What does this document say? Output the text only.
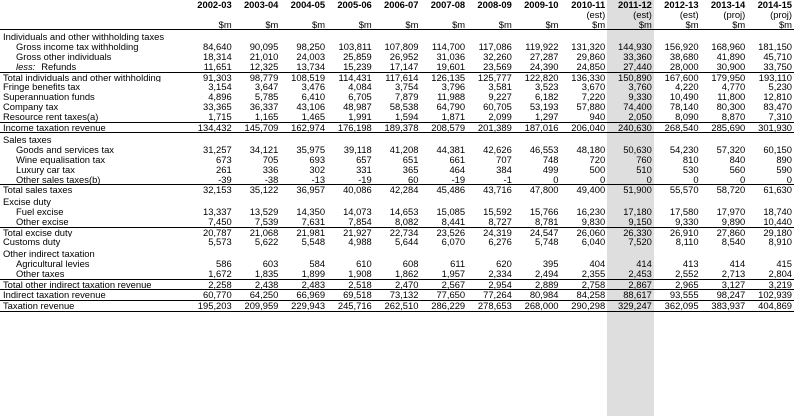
	2002-03	2003-04	2004-05	2005-06	2006-07	2007-08	2008-09	2009-10	2010-11	2011-12	2012-13	2013-14	2014-15
									(est)	(est)	(est)	(proj)	(proj)
	$m	$m	$m	$m	$m	$m	$m	$m	$m	$m	$m	$m	$m
Individuals and other withholding taxes													
Gross income tax withholding	84,640	90,095	98,250	103,811	107,809	114,700	117,086	119,922	131,320	144,930	156,920	168,960	181,150
Gross other individuals	18,314	21,010	24,003	25,859	26,952	31,036	32,260	27,287	29,860	33,360	38,680	41,890	45,710
less: Refunds	11,651	12,325	13,734	15,239	17,147	19,601	23,569	24,390	24,850	27,440	28,000	30,900	33,750
Total individuals and other withholding	91,303	98,779	108,519	114,431	117,614	126,135	125,777	122,820	136,330	150,890	167,600	179,950	193,110
Fringe benefits tax	3,154	3,647	3,476	4,084	3,754	3,796	3,581	3,523	3,670	3,760	4,220	4,770	5,230
Superannuation funds	4,896	5,785	6,410	6,705	7,879	11,988	9,227	6,182	7,220	9,330	10,490	11,800	12,810
Company tax	33,365	36,337	43,106	48,987	58,538	64,790	60,705	53,193	57,880	74,400	78,140	80,300	83,470
Resource rent taxes(a)	1,715	1,165	1,465	1,991	1,594	1,871	2,099	1,297	940	2,050	8,090	8,870	7,310
Income taxation revenue	134,432	145,709	162,974	176,198	189,378	208,579	201,389	187,016	206,040	240,630	268,540	285,690	301,930
Sales taxes													
Goods and services tax	31,257	34,121	35,975	39,118	41,208	44,381	42,626	46,553	48,180	50,630	54,230	57,320	60,150
Wine equalisation tax	673	705	693	657	651	661	707	748	720	760	810	840	890
Luxury car tax	261	336	302	331	365	464	384	499	500	510	530	560	590
Other sales taxes(b)	-39	-38	-13	-19	60	-19	-1	0	0	0	0	0	0
Total sales taxes	32,153	35,122	36,957	40,086	42,284	45,486	43,716	47,800	49,400	51,900	55,570	58,720	61,630
Excise duty													
Fuel excise	13,337	13,529	14,350	14,073	14,653	15,085	15,592	15,766	16,230	17,180	17,580	17,970	18,740
Other excise	7,450	7,539	7,631	7,854	8,082	8,441	8,727	8,781	9,830	9,150	9,330	9,890	10,440
Total excise duty	20,787	21,068	21,981	21,927	22,734	23,526	24,319	24,547	26,060	26,330	26,910	27,860	29,180
Customs duty	5,573	5,622	5,548	4,988	5,644	6,070	6,276	5,748	6,040	7,520	8,110	8,540	8,910
Other indirect taxation													
Agricultural levies	586	603	584	610	608	611	620	395	404	414	413	414	415
Other taxes	1,672	1,835	1,899	1,908	1,862	1,957	2,334	2,494	2,355	2,453	2,552	2,713	2,804
Total other indirect taxation revenue	2,258	2,438	2,483	2,518	2,470	2,567	2,954	2,889	2,758	2,867	2,965	3,127	3,219
Indirect taxation revenue	60,770	64,250	66,969	69,518	73,132	77,650	77,264	80,984	84,258	88,617	93,555	98,247	102,939
Taxation revenue	195,203	209,959	229,943	245,716	262,510	286,229	278,653	268,000	290,298	329,247	362,095	383,937	404,869
